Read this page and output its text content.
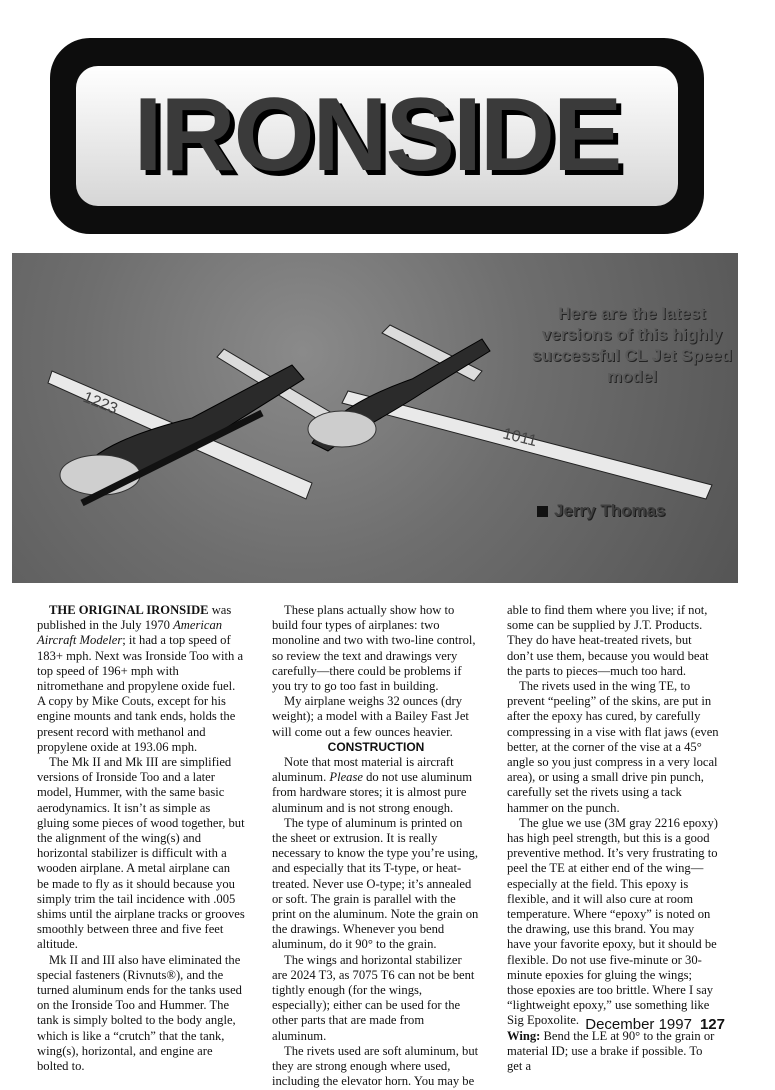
IRONSIDE
1223
1011
Here are the latest versions of this highly successful CL Jet Speed model
Jerry Thomas

THE ORIGINAL IRONSIDE was published in the July 1970 American Aircraft Modeler; it had a top speed of 183+ mph. Next was Ironside Too with a top speed of 196+ mph with nitromethane and propylene oxide fuel. A copy by Mike Couts, except for his engine mounts and tank ends, holds the present record with methanol and propylene oxide at 193.06 mph.

The Mk II and Mk III are simplified versions of Ironside Too and a later model, Hummer, with the same basic aerodynamics. It isn’t as simple as gluing some pieces of wood together, but the alignment of the wing(s) and horizontal stabilizer is difficult with a wooden airplane. A metal airplane can be made to fly as it should because you simply trim the tail incidence with .005 shims until the airplane tracks or grooves smoothly between three and five feet altitude.

Mk II and III also have eliminated the special fasteners (Rivnuts®), and the turned aluminum ends for the tanks used on the Ironside Too and Hummer. The tank is simply bolted to the body angle, which is like a “crutch” that the tank, wing(s), horizontal, and engine are bolted to.

These plans actually show how to build four types of airplanes: two monoline and two with two-line control, so review the text and drawings very carefully—there could be problems if you try to go too fast in building.

My airplane weighs 32 ounces (dry weight); a model with a Bailey Fast Jet will come out a few ounces heavier.

CONSTRUCTION

Note that most material is aircraft aluminum. Please do not use aluminum from hardware stores; it is almost pure aluminum and is not strong enough.

The type of aluminum is printed on the sheet or extrusion. It is really necessary to know the type you’re using, and especially that its T-type, or heat-treated. Never use O-type; it’s annealed or soft. The grain is parallel with the print on the aluminum. Note the grain on the drawings. Whenever you bend aluminum, do it 90° to the grain.

The wings and horizontal stabilizer are 2024 T3, as 7075 T6 can not be bent tightly enough (for the wings, especially); either can be used for the other parts that are made from aluminum.

The rivets used are soft aluminum, but they are strong enough where used, including the elevator horn. You may be

able to find them where you live; if not, some can be supplied by J.T. Products. They do have heat-treated rivets, but don’t use them, because you would beat the parts to pieces—much too hard.

The rivets used in the wing TE, to prevent “peeling” of the skins, are put in after the epoxy has cured, by carefully compressing in a vise with flat jaws (even better, at the corner of the vise at a 45° angle so you just compress in a very local area), or using a small drive pin punch, carefully set the rivets using a tack hammer on the punch.

The glue we use (3M gray 2216 epoxy) has high peel strength, but this is a good preventive method. It’s very frustrating to peel the TE at either end of the wing—especially at the field. This epoxy is flexible, and it will also cure at room temperature. Where “epoxy” is noted on the drawing, use this brand. You may have your favorite epoxy, but it should be flexible. Do not use five-minute or 30-minute epoxies for gluing the wings; those epoxies are too brittle. Where I say “lightweight epoxy,” use something like Sig Epoxolite.

Wing: Bend the LE at 90° to the grain or material ID; use a brake if possible. To get a

December 1997 127
